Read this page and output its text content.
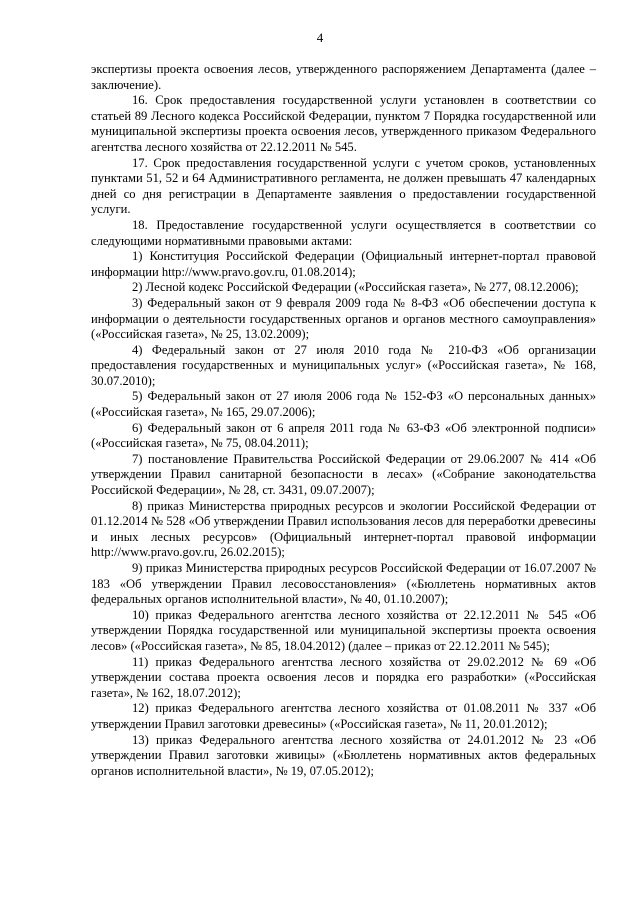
4

экспертизы проекта освоения лесов, утвержденного распоряжением Департамента (далее – заключение).

16. Срок предоставления государственной услуги установлен в соответствии со статьей 89 Лесного кодекса Российской Федерации, пунктом 7 Порядка государственной или муниципальной экспертизы проекта освоения лесов, утвержденного приказом Федерального агентства лесного хозяйства от 22.12.2011 № 545.

17. Срок предоставления государственной услуги с учетом сроков, установленных пунктами 51, 52 и 64 Административного регламента, не должен превышать 47 календарных дней со дня регистрации в Департаменте заявления о предоставлении государственной услуги.

18. Предоставление государственной услуги осуществляется в соответствии со следующими нормативными правовыми актами:

1) Конституция Российской Федерации (Официальный интернет-портал правовой информации http://www.pravo.gov.ru, 01.08.2014);

2) Лесной кодекс Российской Федерации («Российская газета», № 277, 08.12.2006);

3) Федеральный закон от 9 февраля 2009 года № 8-ФЗ «Об обеспечении доступа к информации о деятельности государственных органов и органов местного самоуправления» («Российская газета», № 25, 13.02.2009);

4) Федеральный закон от 27 июля 2010 года № 210-ФЗ «Об организации предоставления государственных и муниципальных услуг» («Российская газета», № 168, 30.07.2010);

5) Федеральный закон от 27 июля 2006 года № 152-ФЗ «О персональных данных» («Российская газета», № 165, 29.07.2006);

6) Федеральный закон от 6 апреля 2011 года № 63-ФЗ «Об электронной подписи» («Российская газета», № 75, 08.04.2011);

7) постановление Правительства Российской Федерации от 29.06.2007 № 414 «Об утверждении Правил санитарной безопасности в лесах» («Собрание законодательства Российской Федерации», № 28, ст. 3431, 09.07.2007);

8) приказ Министерства природных ресурсов и экологии Российской Федерации от 01.12.2014 № 528 «Об утверждении Правил использования лесов для переработки древесины и иных лесных ресурсов» (Официальный интернет-портал правовой информации http://www.pravo.gov.ru, 26.02.2015);

9) приказ Министерства природных ресурсов Российской Федерации от 16.07.2007 № 183 «Об утверждении Правил лесовосстановления» («Бюллетень нормативных актов федеральных органов исполнительной власти», № 40, 01.10.2007);

10) приказ Федерального агентства лесного хозяйства от 22.12.2011 № 545 «Об утверждении Порядка государственной или муниципальной экспертизы проекта освоения лесов» («Российская газета», № 85, 18.04.2012) (далее – приказ от 22.12.2011 № 545);

11) приказ Федерального агентства лесного хозяйства от 29.02.2012 № 69 «Об утверждении состава проекта освоения лесов и порядка его разработки» («Российская газета», № 162, 18.07.2012);

12) приказ Федерального агентства лесного хозяйства от 01.08.2011 № 337 «Об утверждении Правил заготовки древесины» («Российская газета», № 11, 20.01.2012);

13) приказ Федерального агентства лесного хозяйства от 24.01.2012 № 23 «Об утверждении Правил заготовки живицы» («Бюллетень нормативных актов федеральных органов исполнительной власти», № 19, 07.05.2012);
